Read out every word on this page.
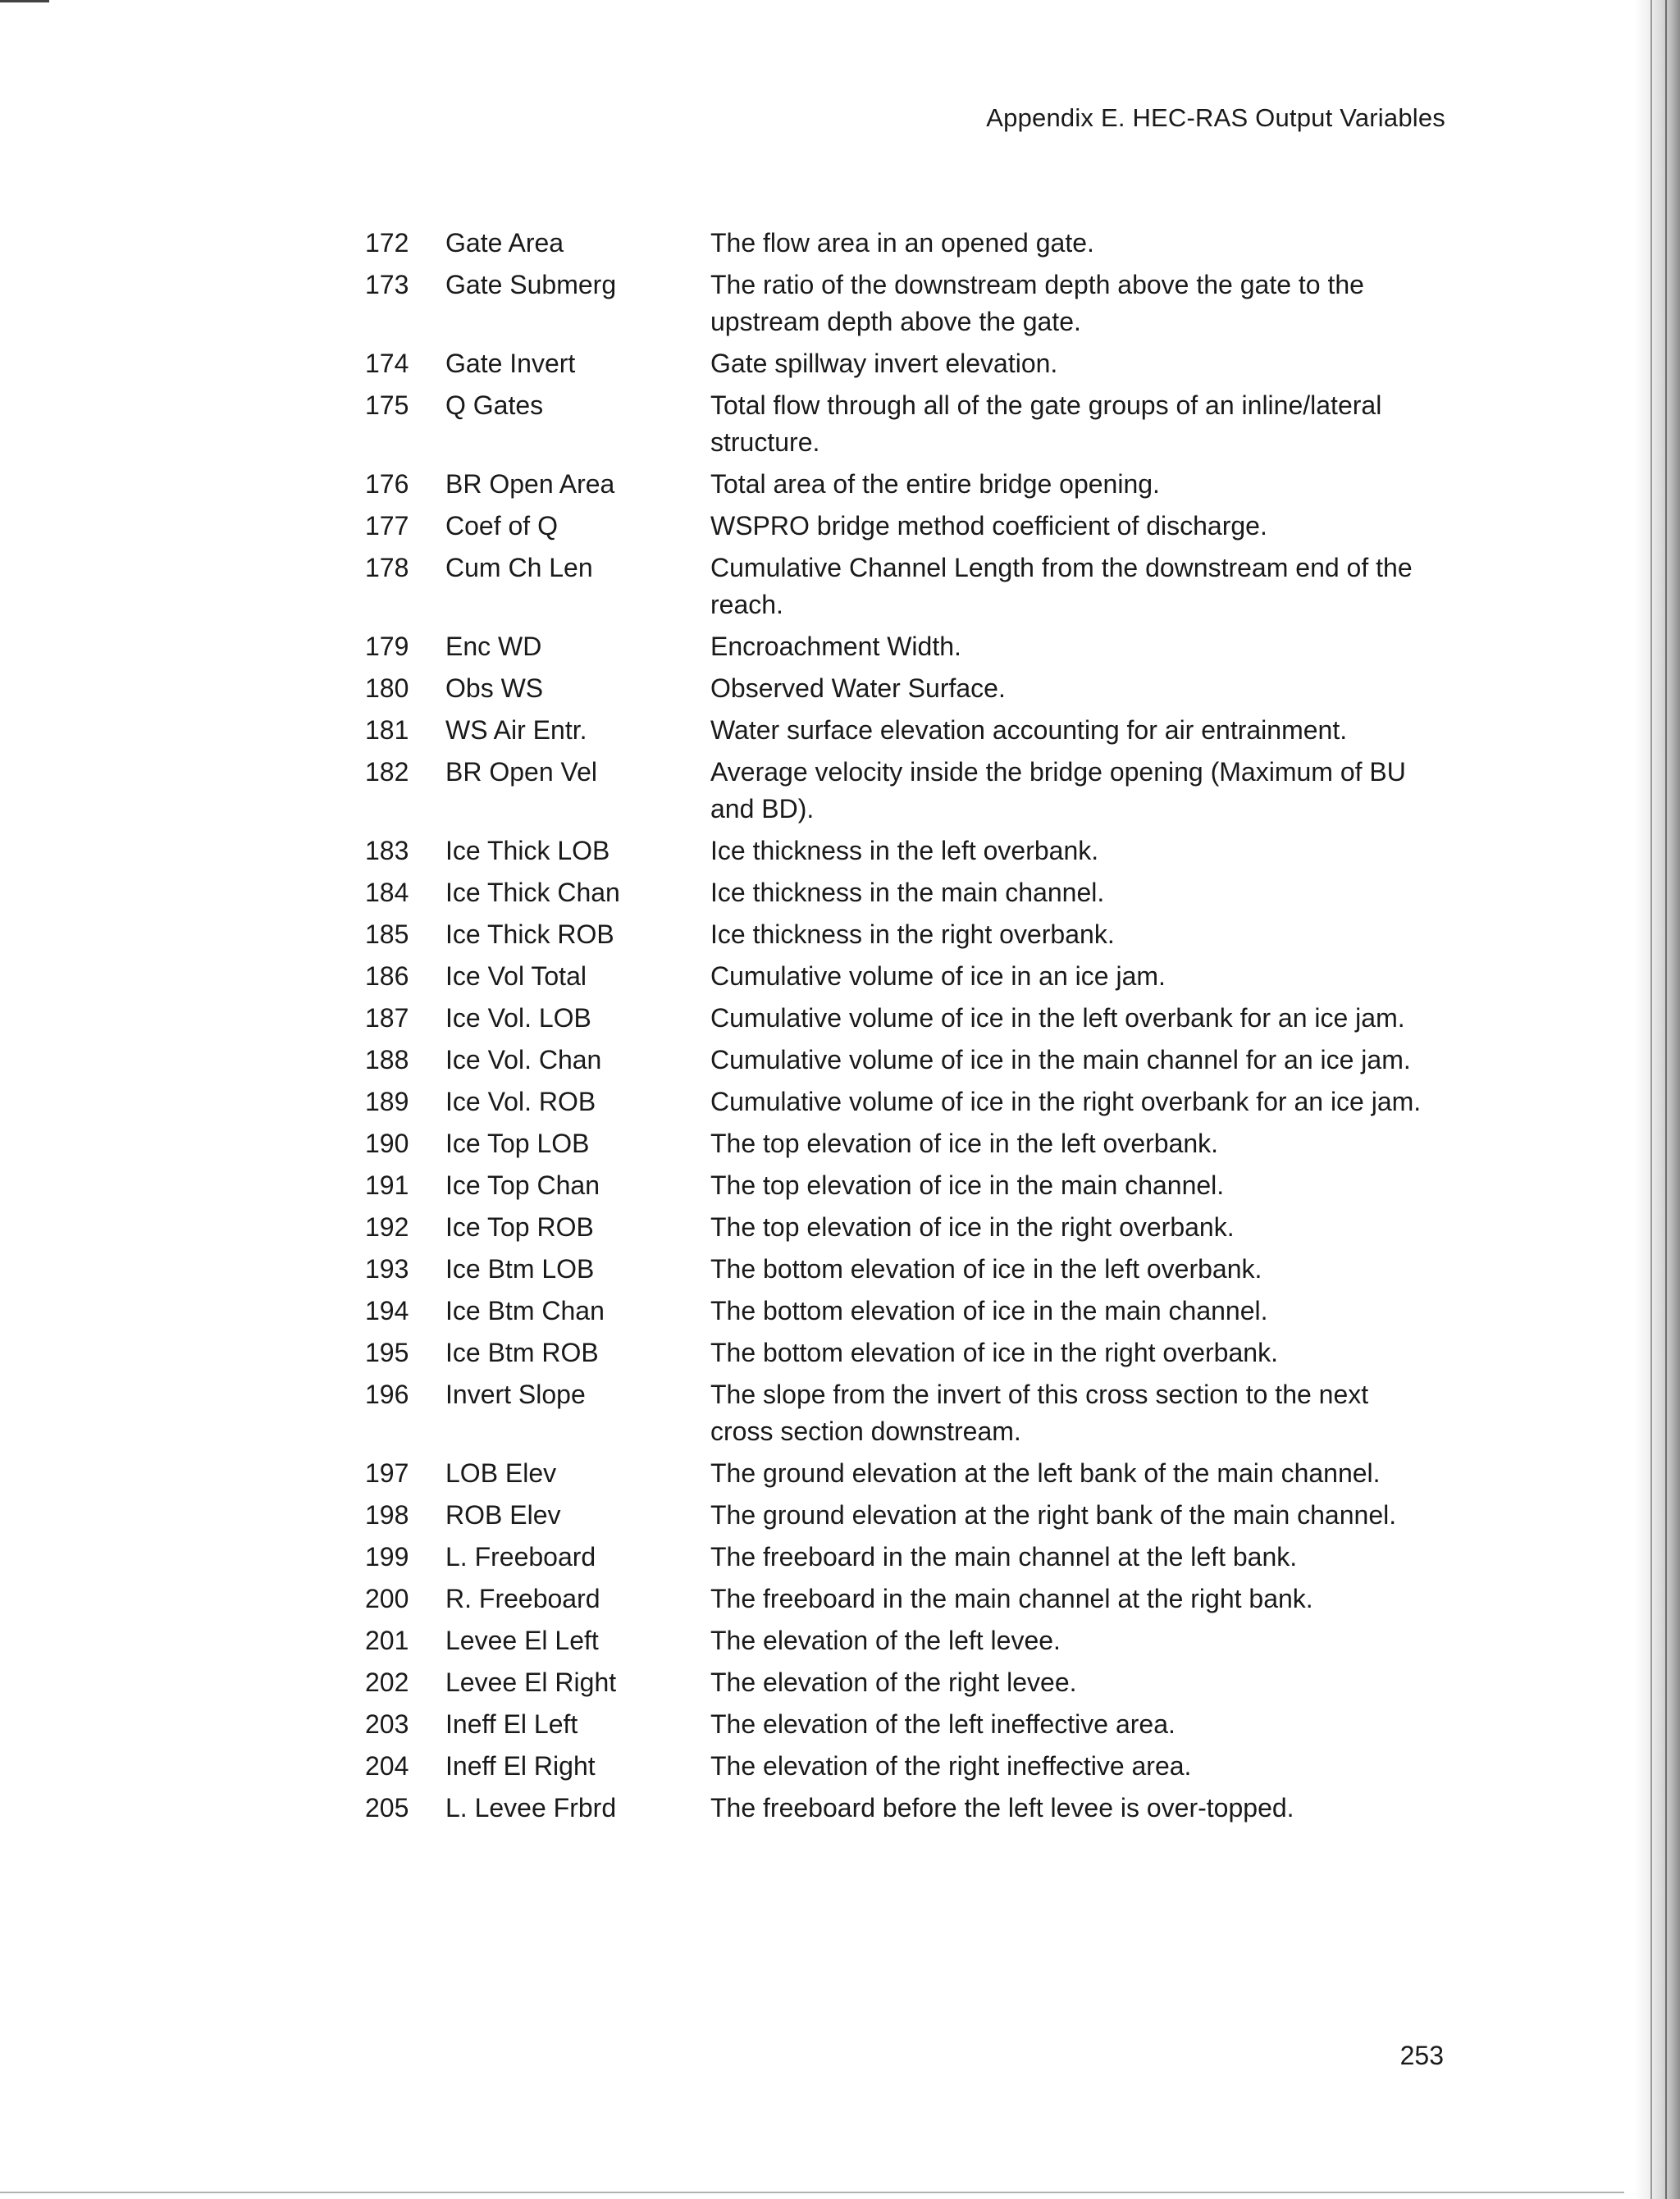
Appendix E. HEC-RAS Output Variables
172	Gate Area	The flow area in an opened gate.
173	Gate Submerg	The ratio of the downstream depth above the gate to the upstream depth above the gate.
174	Gate Invert	Gate spillway invert elevation.
175	Q Gates	Total flow through all of the gate groups of an inline/lateral structure.
176	BR Open Area	Total area of the entire bridge opening.
177	Coef of Q	WSPRO bridge method coefficient of discharge.
178	Cum Ch Len	Cumulative Channel Length from the downstream end of the reach.
179	Enc WD	Encroachment Width.
180	Obs WS	Observed Water Surface.
181	WS Air Entr.	Water surface elevation accounting for air entrainment.
182	BR Open Vel	Average velocity inside the bridge opening (Maximum of BU and BD).
183	Ice Thick LOB	Ice thickness in the left overbank.
184	Ice Thick Chan	Ice thickness in the main channel.
185	Ice Thick ROB	Ice thickness in the right overbank.
186	Ice Vol Total	Cumulative volume of ice in an ice jam.
187	Ice Vol. LOB	Cumulative volume of ice in the left overbank for an ice jam.
188	Ice Vol. Chan	Cumulative volume of ice in the main channel for an ice jam.
189	Ice Vol. ROB	Cumulative volume of ice in the right overbank for an ice jam.
190	Ice Top LOB	The top elevation of ice in the left overbank.
191	Ice Top Chan	The top elevation of ice in the main channel.
192	Ice Top ROB	The top elevation of ice in the right overbank.
193	Ice Btm LOB	The bottom elevation of ice in the left overbank.
194	Ice Btm Chan	The bottom elevation of ice in the main channel.
195	Ice Btm ROB	The bottom elevation of ice in the right overbank.
196	Invert Slope	The slope from the invert of this cross section to the next cross section downstream.
197	LOB Elev	The ground elevation at the left bank of the main channel.
198	ROB Elev	The ground elevation at the right bank of the main channel.
199	L. Freeboard	The freeboard in the main channel at the left bank.
200	R. Freeboard	The freeboard in the main channel at the right bank.
201	Levee El Left	The elevation of the left levee.
202	Levee El Right	The elevation of the right levee.
203	Ineff El Left	The elevation of the left ineffective area.
204	Ineff El Right	The elevation of the right ineffective area.
205	L. Levee Frbrd	The freeboard before the left levee is over-topped.
253
